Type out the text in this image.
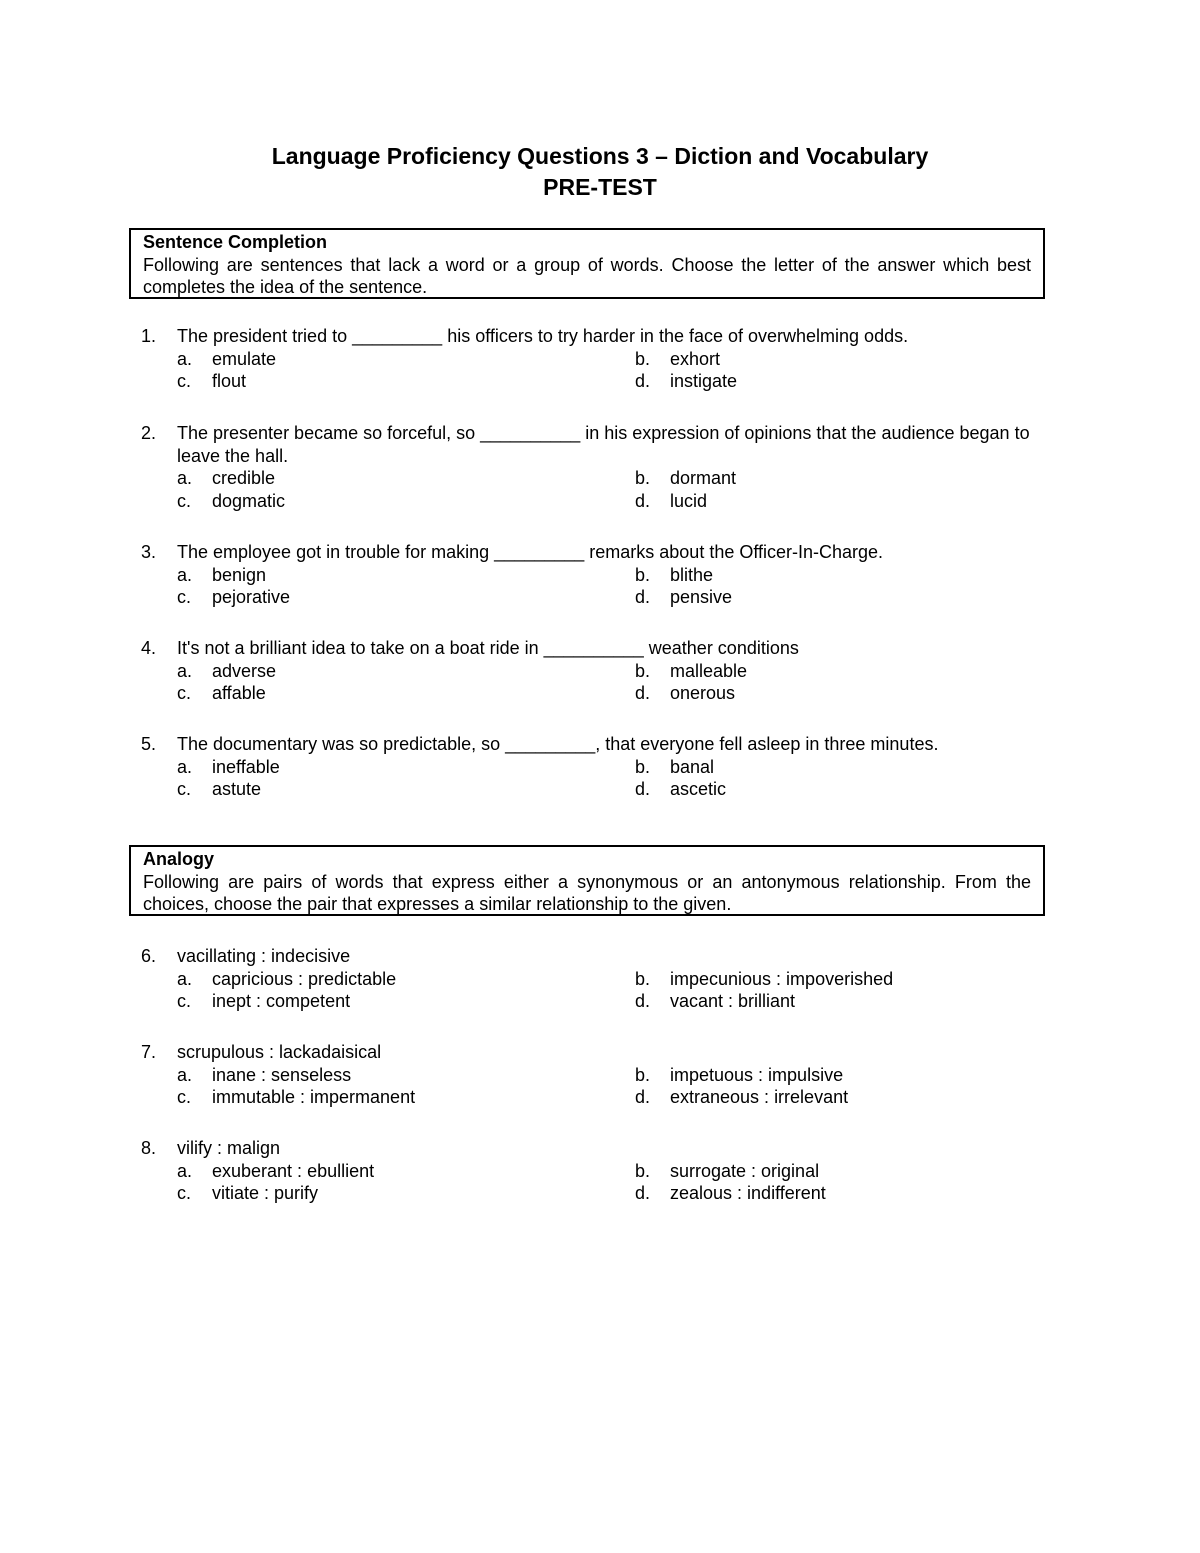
Language Proficiency Questions 3 – Diction and Vocabulary
PRE-TEST
Sentence Completion
Following are sentences that lack a word or a group of words. Choose the letter of the answer which best completes the idea of the sentence.
1.	The president tried to _________ his officers to try harder in the face of overwhelming odds.
a. emulate	b. exhort
c. flout	d. instigate
2.	The presenter became so forceful, so __________ in his expression of opinions that the audience began to leave the hall.
a. credible	b. dormant
c. dogmatic	d. lucid
3.	The employee got in trouble for making _________ remarks about the Officer-In-Charge.
a. benign	b. blithe
c. pejorative	d. pensive
4.	It's not a brilliant idea to take on a boat ride in __________ weather conditions
a. adverse	b. malleable
c. affable	d. onerous
5.	The documentary was so predictable, so _________, that everyone fell asleep in three minutes.
a. ineffable	b. banal
c. astute	d. ascetic
Analogy
Following are pairs of words that express either a synonymous or an antonymous relationship. From the choices, choose the pair that expresses a similar relationship to the given.
6.	vacillating : indecisive
a. capricious : predictable	b. impecunious : impoverished
c. inept : competent	d. vacant : brilliant
7.	scrupulous : lackadaisical
a. inane : senseless	b. impetuous : impulsive
c. immutable : impermanent	d. extraneous : irrelevant
8.	vilify : malign
a. exuberant : ebullient	b. surrogate : original
c. vitiate : purify	d. zealous : indifferent
